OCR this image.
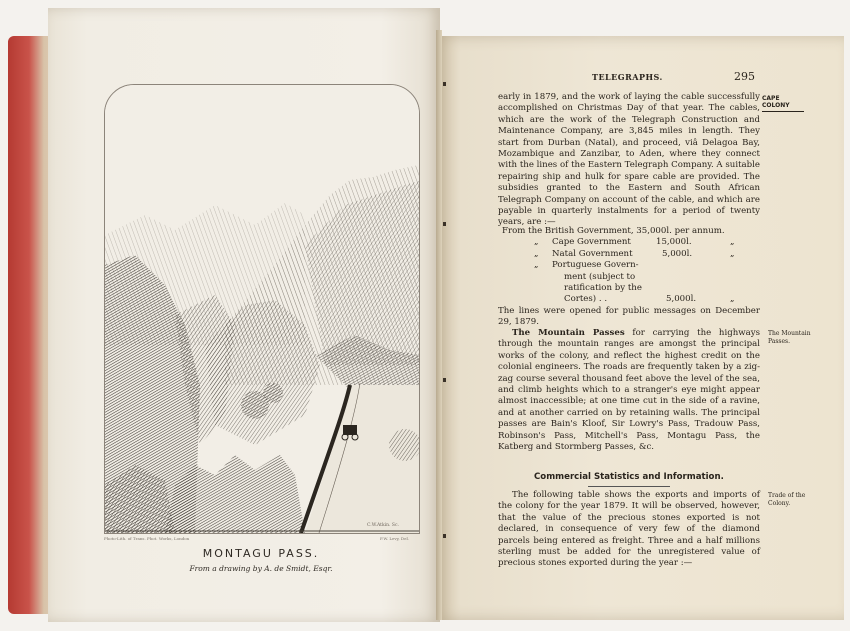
C.W.Atkin. Sc.
Photo-Lith. of Trans. Phot. Works, London	F.W. Levy, Del.
MONTAGU PASS.
From a drawing by A. de Smidt, Esqr.
TELEGRAPHS.	295
CAPE COLONY
early in 1879, and the work of laying the cable successfully accomplished on Christmas Day of that year. The cables, which are the work of the Telegraph Construction and Maintenance Company, are 3,845 miles in length. They start from Durban (Natal), and proceed, viâ Delagoa Bay, Mozambique and Zanzibar, to Aden, where they connect with the lines of the Eastern Telegraph Company. A suitable repairing ship and hulk for spare cable are provided. The subsidies granted to the Eastern and South African Telegraph Company on account of the cable, and which are payable in quarterly instalments for a period of twenty years, are :—
From the British Government, 35,000l. per annum.
„ Cape Government	15,000l.	„
„ Natal Government	5,000l.	„
„ Portuguese Govern-
ment (subject to
ratification by the
Cortes) . .	5,000l.	„
The lines were opened for public messages on December 29, 1879.
The Mountain Passes for carrying the highways through the mountain ranges are amongst the principal works of the colony, and reflect the highest credit on the colonial engineers. The roads are frequently taken by a zig-zag course several thousand feet above the level of the sea, and climb heights which to a stranger's eye might appear almost inaccessible; at one time cut in the side of a ravine, and at another carried on by retaining walls. The principal passes are Bain's Kloof, Sir Lowry's Pass, Tradouw Pass, Robinson's Pass, Mitchell's Pass, Montagu Pass, the Katberg and Stormberg Passes, &c.
The Mountain Passes.
Commercial Statistics and Information.
The following table shows the exports and imports of the colony for the year 1879. It will be observed, however, that the value of the precious stones exported is not declared, in consequence of very few of the diamond parcels being entered as freight. Three and a half millions sterling must be added for the unregistered value of precious stones exported during the year :—
Trade of the Colony.
